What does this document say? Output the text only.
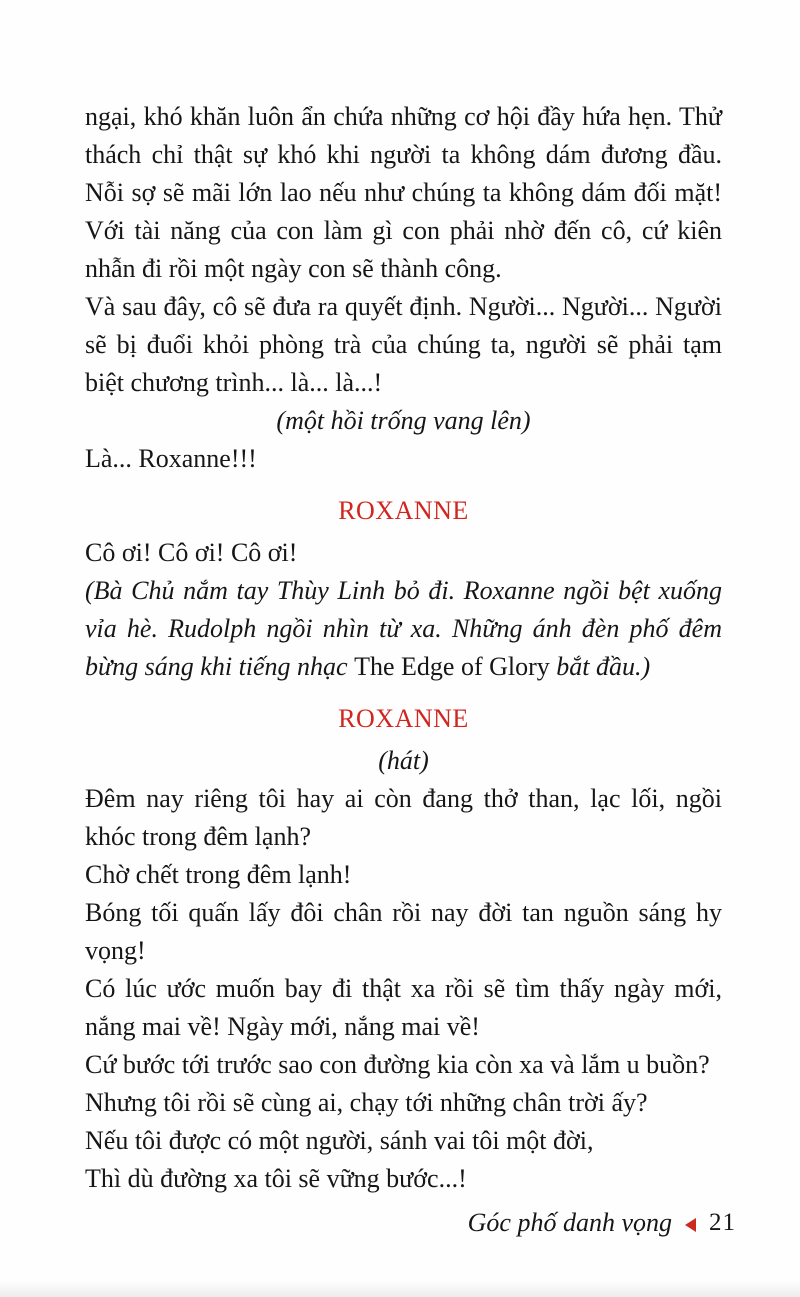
ngại, khó khăn luôn ẩn chứa những cơ hội đầy hứa hẹn. Thử thách chỉ thật sự khó khi người ta không dám đương đầu. Nỗi sợ sẽ mãi lớn lao nếu như chúng ta không dám đối mặt! Với tài năng của con làm gì con phải nhờ đến cô, cứ kiên nhẫn đi rồi một ngày con sẽ thành công.

Và sau đây, cô sẽ đưa ra quyết định. Người... Người... Người sẽ bị đuổi khỏi phòng trà của chúng ta, người sẽ phải tạm biệt chương trình... là... là...!

(một hồi trống vang lên)

Là... Roxanne!!!

ROXANNE

Cô ơi! Cô ơi! Cô ơi!

(Bà Chủ nắm tay Thùy Linh bỏ đi. Roxanne ngồi bệt xuống vỉa hè. Rudolph ngồi nhìn từ xa. Những ánh đèn phố đêm bừng sáng khi tiếng nhạc The Edge of Glory bắt đầu.)

ROXANNE

(hát)

Đêm nay riêng tôi hay ai còn đang thở than, lạc lối, ngồi khóc trong đêm lạnh?

Chờ chết trong đêm lạnh!

Bóng tối quấn lấy đôi chân rồi nay đời tan nguồn sáng hy vọng!

Có lúc ước muốn bay đi thật xa rồi sẽ tìm thấy ngày mới, nắng mai về! Ngày mới, nắng mai về!

Cứ bước tới trước sao con đường kia còn xa và lắm u buồn?

Nhưng tôi rồi sẽ cùng ai, chạy tới những chân trời ấy?

Nếu tôi được có một người, sánh vai tôi một đời,

Thì dù đường xa tôi sẽ vững bước...!

Góc phố danh vọng 21
